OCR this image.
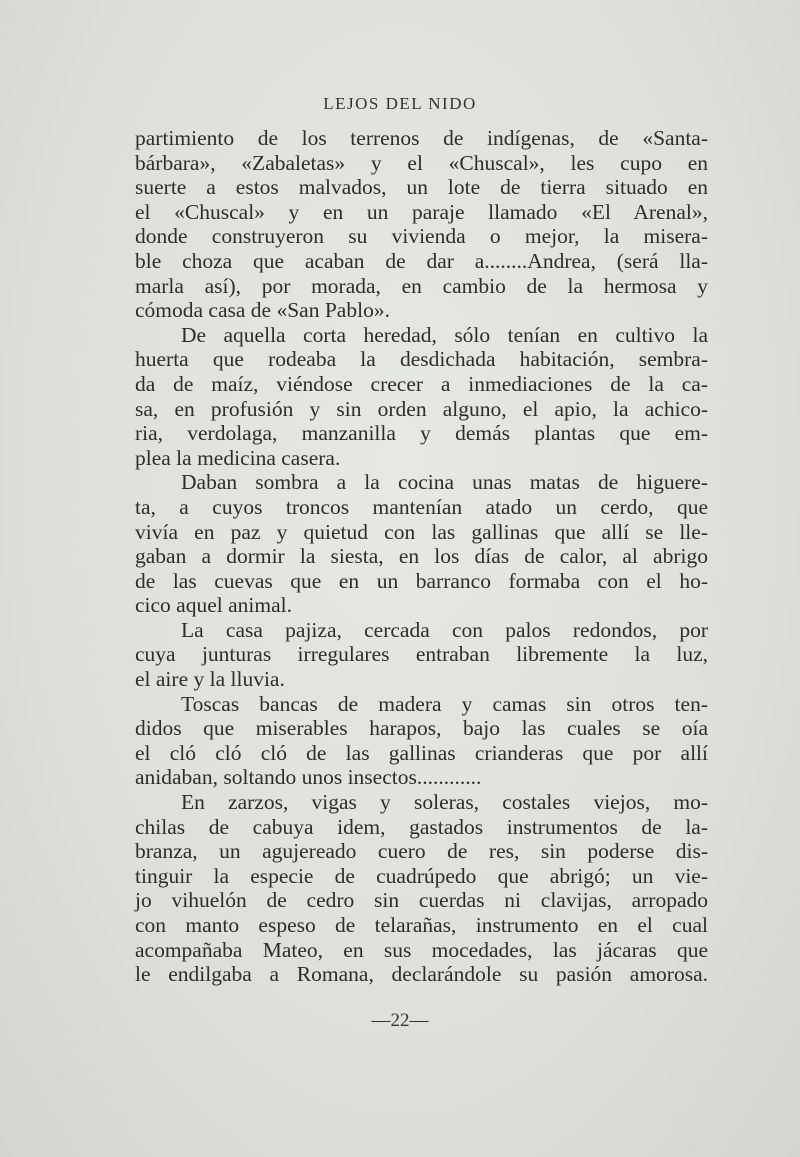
LEJOS DEL NIDO
partimiento de los terrenos de indígenas, de «Santa-
bárbara», «Zabaletas» y el «Chuscal», les cupo en
suerte a estos malvados, un lote de tierra situado en
el «Chuscal» y en un paraje llamado «El Arenal»,
donde construyeron su vivienda o mejor, la misera-
ble choza que acaban de dar a........Andrea, (será lla-
marla así), por morada, en cambio de la hermosa y
cómoda casa de «San Pablo».
De aquella corta heredad, sólo tenían en cultivo la
huerta que rodeaba la desdichada habitación, sembra-
da de maíz, viéndose crecer a inmediaciones de la ca-
sa, en profusión y sin orden alguno, el apio, la achico-
ria, verdolaga, manzanilla y demás plantas que em-
plea la medicina casera.
Daban sombra a la cocina unas matas de higuere-
ta, a cuyos troncos mantenían atado un cerdo, que
vivía en paz y quietud con las gallinas que allí se lle-
gaban a dormir la siesta, en los días de calor, al abrigo
de las cuevas que en un barranco formaba con el ho-
cico aquel animal.
La casa pajiza, cercada con palos redondos, por
cuya junturas irregulares entraban libremente la luz,
el aire y la lluvia.
Toscas bancas de madera y camas sin otros ten-
didos que miserables harapos, bajo las cuales se oía
el cló cló cló de las gallinas crianderas que por allí
anidaban, soltando unos insectos............
En zarzos, vigas y soleras, costales viejos, mo-
chilas de cabuya idem, gastados instrumentos de la-
branza, un agujereado cuero de res, sin poderse dis-
tinguir la especie de cuadrúpedo que abrigó; un vie-
jo vihuelón de cedro sin cuerdas ni clavijas, arropado
con manto espeso de telarañas, instrumento en el cual
acompañaba Mateo, en sus mocedades, las jácaras que
le endilgaba a Romana, declarándole su pasión amorosa.
—22—
